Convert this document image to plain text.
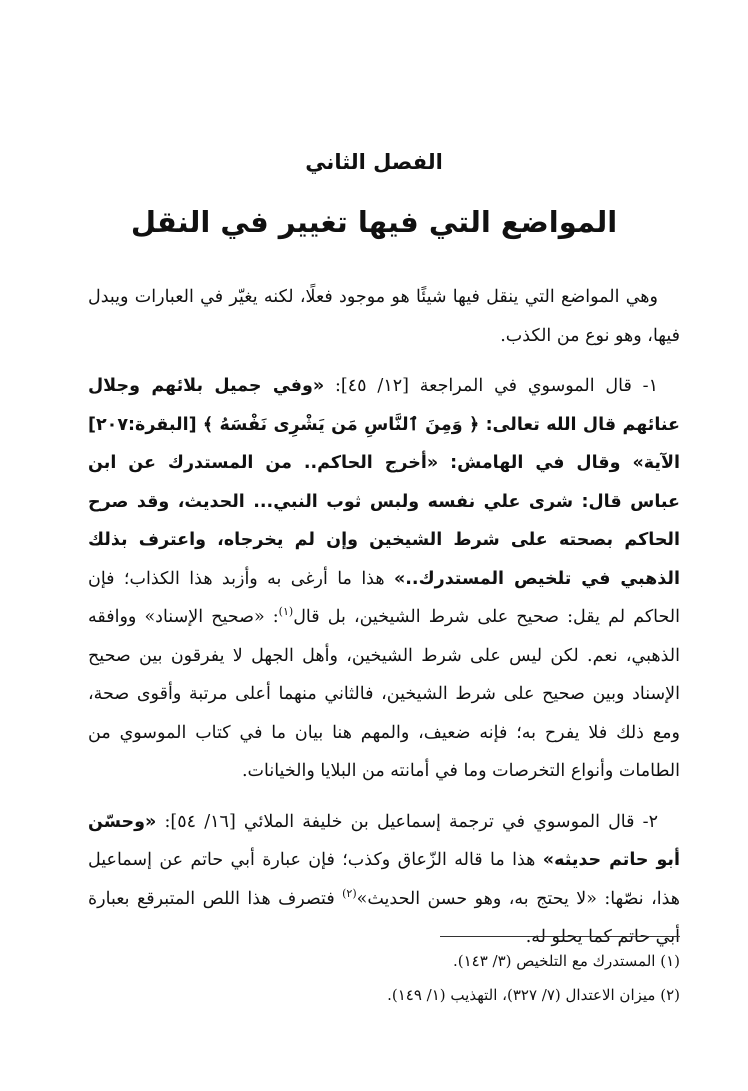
الفصل الثاني
المواضع التي فيها تغيير في النقل

وهي المواضع التي ينقل فيها شيئًا هو موجود فعلًا، لكنه يغيّر في العبارات ويبدل فيها، وهو نوع من الكذب.

١- قال الموسوي في المراجعة [١٢/ ٤٥]: «وفي جميل بلائهم وجلال عنائهم قال الله تعالى: ﴿ وَمِنَ ٱلنَّاسِ مَن يَشْرِى نَفْسَهُ ﴾ [البقرة:٢٠٧] الآية» وقال في الهامش: «أخرج الحاكم.. من المستدرك عن ابن عباس قال: شرى علي نفسه ولبس ثوب النبي... الحديث، وقد صرح الحاكم بصحته على شرط الشيخين وإن لم يخرجاه، واعترف بذلك الذهبي في تلخيص المستدرك..» هذا ما أرغى به وأزبد هذا الكذاب؛ فإن الحاكم لم يقل: صحيح على شرط الشيخين، بل قال$^{(١)}$: «صحيح الإسناد» ووافقه الذهبي، نعم. لكن ليس على شرط الشيخين، وأهل الجهل لا يفرقون بين صحيح الإسناد وبين صحيح على شرط الشيخين، فالثاني منهما أعلى مرتبة وأقوى صحة، ومع ذلك فلا يفرح به؛ فإنه ضعيف، والمهم هنا بيان ما في كتاب الموسوي من الطامات وأنواع التخرصات وما في أمانته من البلايا والخيانات.

٢- قال الموسوي في ترجمة إسماعيل بن خليفة الملائي [١٦/ ٥٤]: «وحسّن أبو حاتم حديثه» هذا ما قاله الزّعاق وكذب؛ فإن عبارة أبي حاتم عن إسماعيل هذا، نصّها: «لا يحتج به، وهو حسن الحديث»$^{(٢)}$ فتصرف هذا اللص المتبرقع بعبارة أبي حاتم كما يحلو له.

(١) المستدرك مع التلخيص (٣/ ١٤٣).
(٢) ميزان الاعتدال (٧/ ٣٢٧)، التهذيب (١/ ١٤٩).
